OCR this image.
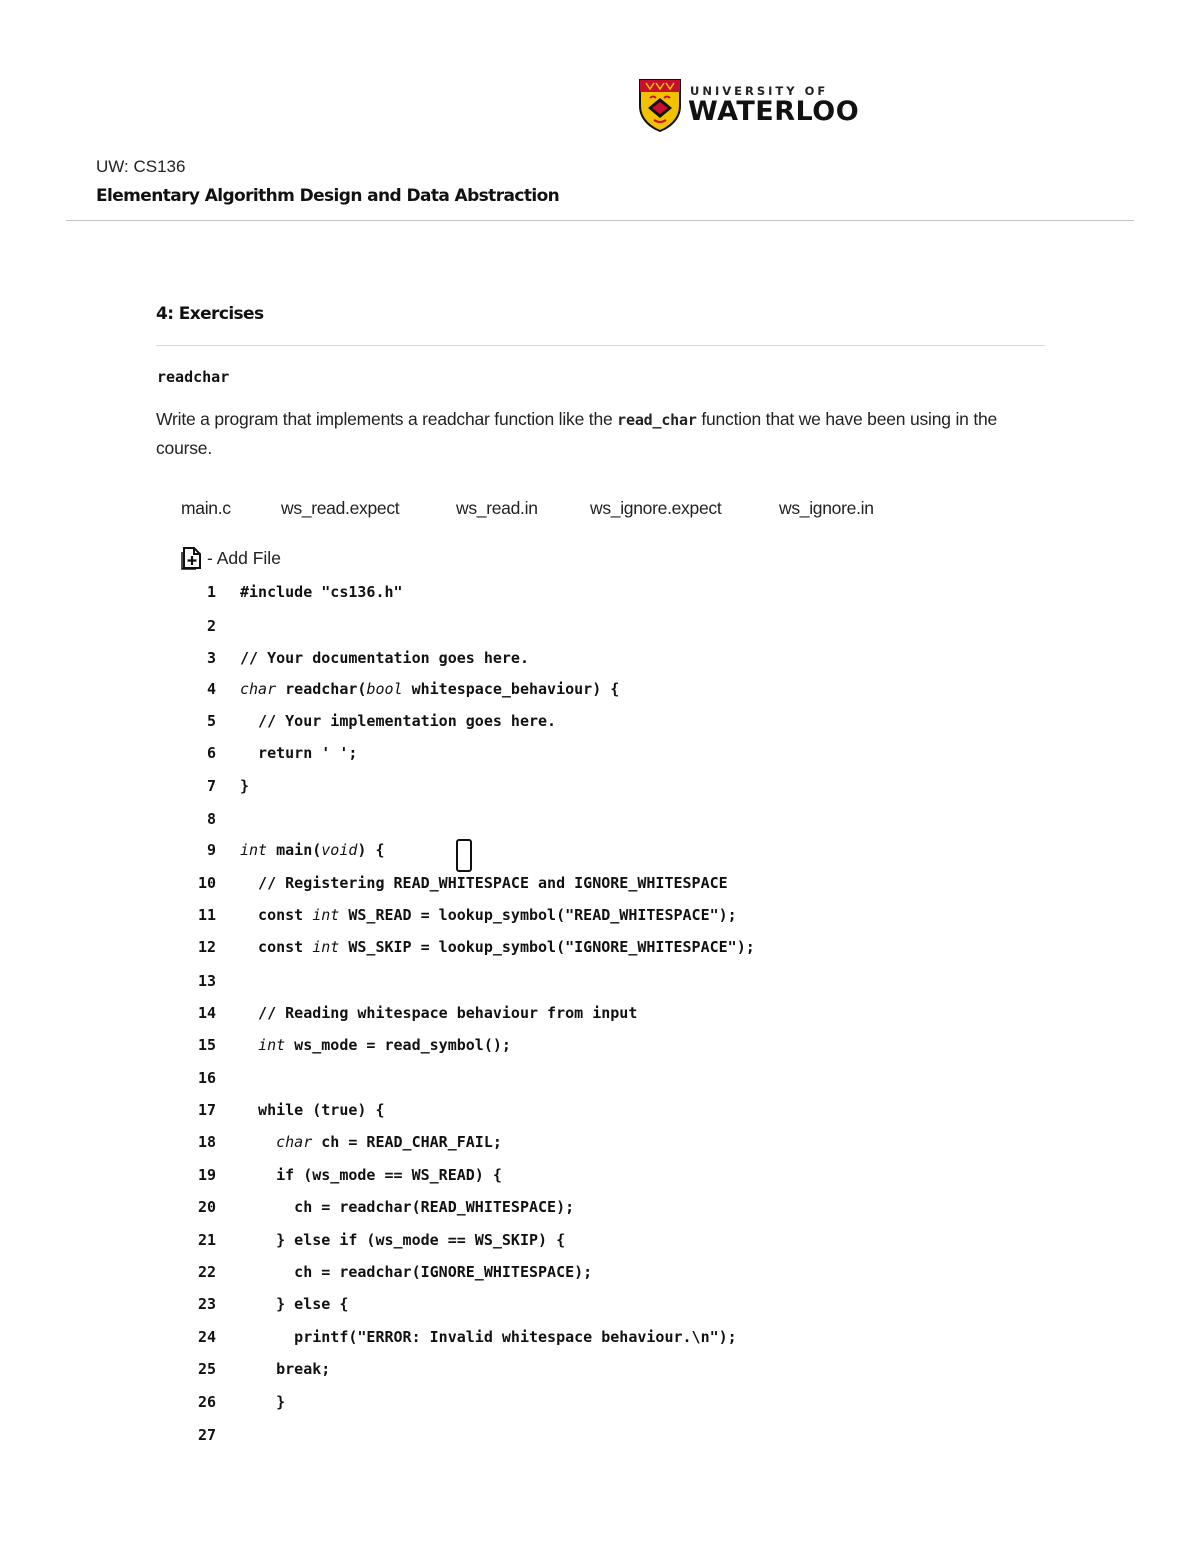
UNIVERSITY OF
WATERLOO
UW: CS136
Elementary Algorithm Design and Data Abstraction
4: Exercises
readchar
Write a program that implements a readchar function like the read_char function that we have been using in the course.
main.c	ws_read.expect	ws_read.in	ws_ignore.expect	ws_ignore.in
- Add File
1 #include "cs136.h"
2
3 // Your documentation goes here.
4 char readchar(bool whitespace_behaviour) {
5 // Your implementation goes here.
6 return ' ';
7 }
8
9 int main(void) {
10 // Registering READ_WHITESPACE and IGNORE_WHITESPACE
11 const int WS_READ = lookup_symbol("READ_WHITESPACE");
12 const int WS_SKIP = lookup_symbol("IGNORE_WHITESPACE");
13
14 // Reading whitespace behaviour from input
15	int ws_mode = read_symbol();
16
17 while (true) {
18	char ch = READ_CHAR_FAIL;
19 if (ws_mode == WS_READ) {
20 ch = readchar(READ_WHITESPACE);
21 } else if (ws_mode == WS_SKIP) {
22 ch = readchar(IGNORE_WHITESPACE);
23 } else {
24 printf("ERROR: Invalid whitespace behaviour.\n");
25 break;
26 }
27
